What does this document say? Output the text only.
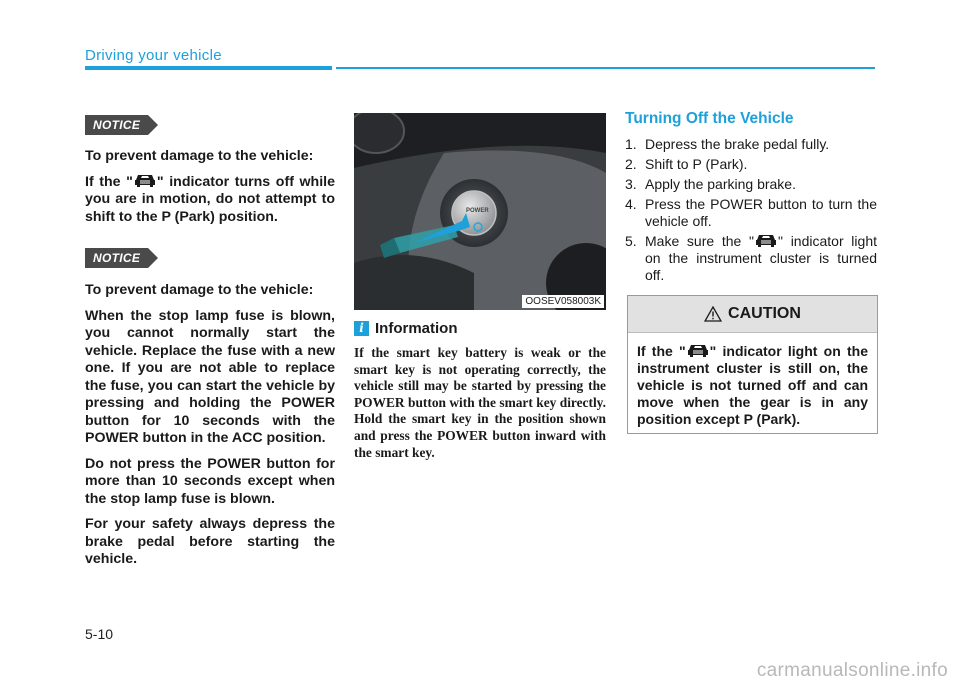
Driving your vehicle
NOTICE

To prevent damage to the vehicle:

If the " " indicator turns off while you are in motion, do not attempt to shift to the P (Park) position.

NOTICE

To prevent damage to the vehicle:

When the stop lamp fuse is blown, you cannot normally start the vehicle. Replace the fuse with a new one. If you are not able to replace the fuse, you can start the vehicle by pressing and holding the POWER button for 10 seconds with the POWER button in the ACC position.

Do not press the POWER button for more than 10 seconds except when the stop lamp fuse is blown.

For your safety always depress the brake pedal before starting the vehicle.

POWER
OOSEV058003K
i Information

If the smart key battery is weak or the smart key is not operating correctly, the vehicle still may be started by pressing the POWER button with the smart key directly. Hold the smart key in the position shown and press the POWER button inward with the smart key.

Turning Off the Vehicle
1. Depress the brake pedal fully.
2. Shift to P (Park).
3. Apply the parking brake.
4. Press the POWER button to turn the vehicle off.
5. Make sure the " " indicator light on the instrument cluster is turned off.
CAUTION

If the " " indicator light on the instrument cluster is still on, the vehicle is not turned off and can move when the gear is in any position except P (Park).

5-10
carmanualsonline.info
